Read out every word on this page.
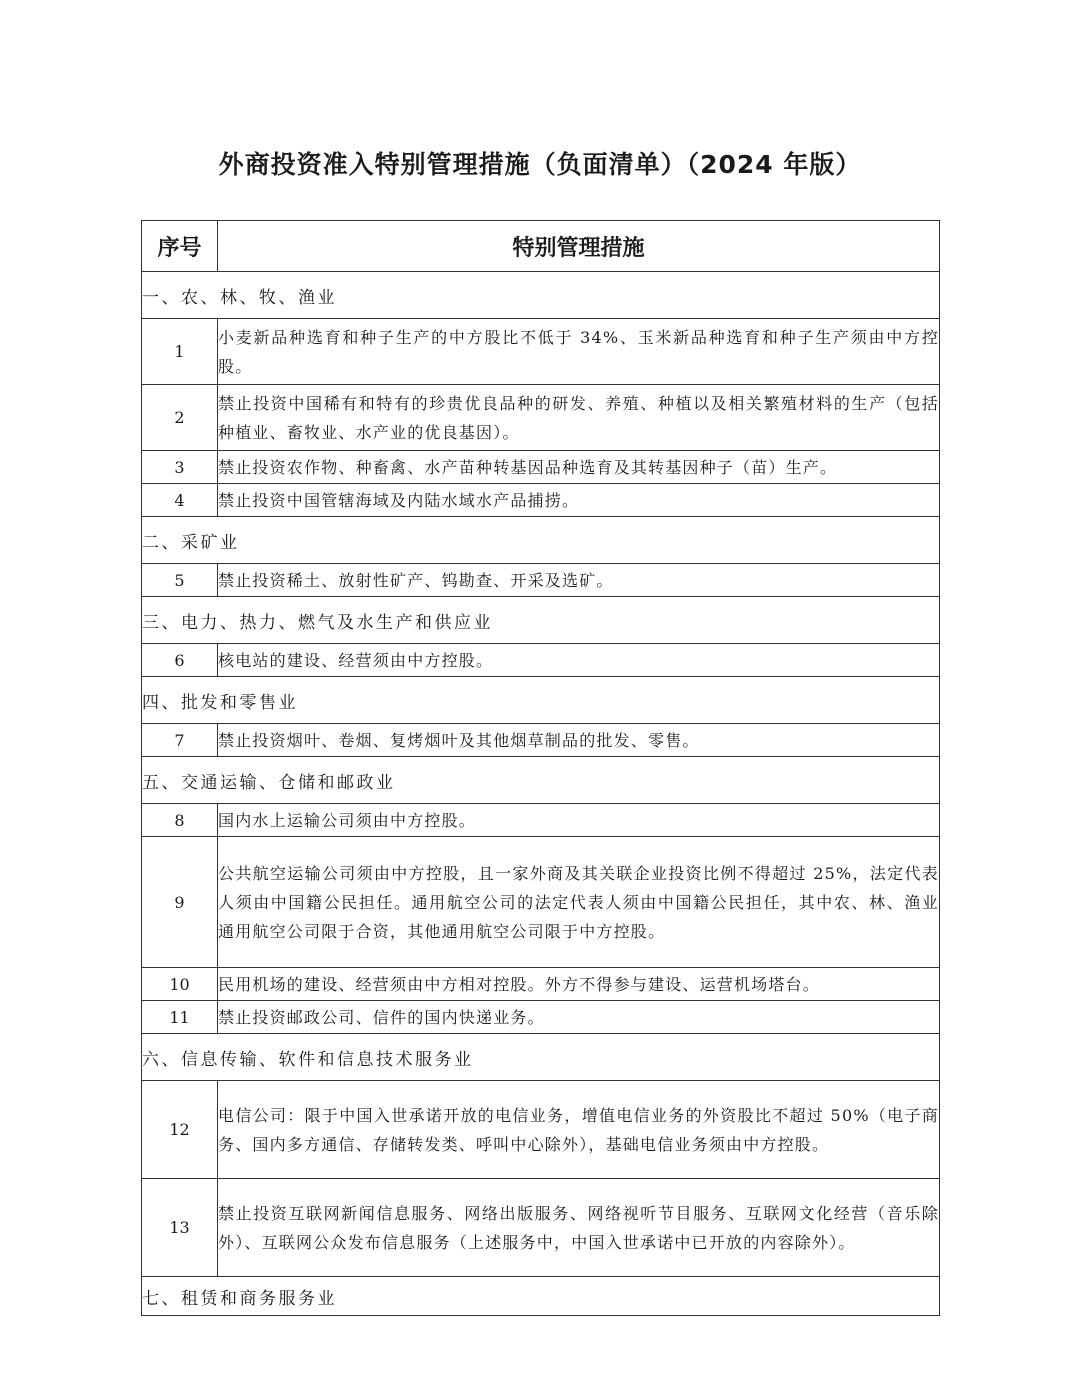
外商投资准入特别管理措施（负面清单）（2024 年版）
序号	特别管理措施
一、农、林、牧、渔业	
1	小麦新品种选育和种子生产的中方股比不低于 34%、玉米新品种选育和种子生产须由中方控股。
2	禁止投资中国稀有和特有的珍贵优良品种的研发、养殖、种植以及相关繁殖材料的生产（包括种植业、畜牧业、水产业的优良基因）。
3	禁止投资农作物、种畜禽、水产苗种转基因品种选育及其转基因种子（苗）生产。
4	禁止投资中国管辖海域及内陆水域水产品捕捞。
二、采矿业	
5	禁止投资稀土、放射性矿产、钨勘查、开采及选矿。
三、电力、热力、燃气及水生产和供应业	
6	核电站的建设、经营须由中方控股。
四、批发和零售业	
7	禁止投资烟叶、卷烟、复烤烟叶及其他烟草制品的批发、零售。
五、交通运输、仓储和邮政业	
8	国内水上运输公司须由中方控股。
9	公共航空运输公司须由中方控股，且一家外商及其关联企业投资比例不得超过 25%，法定代表人须由中国籍公民担任。通用航空公司的法定代表人须由中国籍公民担任，其中农、林、渔业通用航空公司限于合资，其他通用航空公司限于中方控股。
10	民用机场的建设、经营须由中方相对控股。外方不得参与建设、运营机场塔台。
11	禁止投资邮政公司、信件的国内快递业务。
六、信息传输、软件和信息技术服务业	
12	电信公司：限于中国入世承诺开放的电信业务，增值电信业务的外资股比不超过 50%（电子商务、国内多方通信、存储转发类、呼叫中心除外），基础电信业务须由中方控股。
13	禁止投资互联网新闻信息服务、网络出版服务、网络视听节目服务、互联网文化经营（音乐除外）、互联网公众发布信息服务（上述服务中，中国入世承诺中已开放的内容除外）。
七、租赁和商务服务业	
